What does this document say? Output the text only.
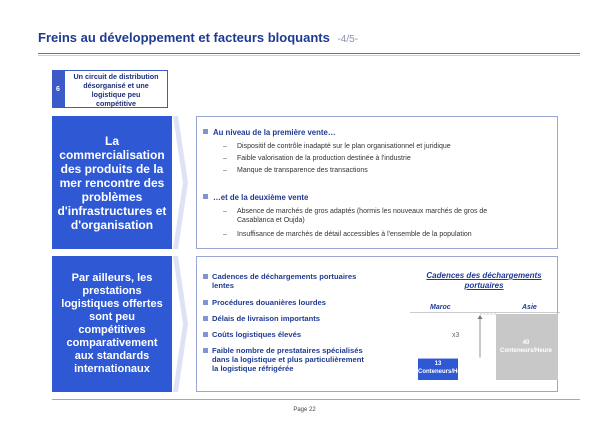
Freins au développement et facteurs bloquants -4/5-
6
Un circuit de distribution
désorganisé et une
logistique peu
compétitive
La
commercialisation
des produits de la
mer rencontre des
problèmes
d'infrastructures et
d'organisation
Au niveau de la première vente…
– Dispositif de contrôle inadapté sur le plan organisationnel et juridique
– Faible valorisation de la production destinée à l'industrie
– Manque de transparence des transactions
…et de la deuxième vente
– Absence de marchés de gros adaptés (hormis les nouveaux marchés de gros de
Casablanca et Oujda)
– Insuffisance de marchés de détail accessibles à l'ensemble de la population
Par ailleurs, les
prestations
logistiques offertes
sont peu
compétitives
comparativement
aux standards
internationaux
Cadences de déchargements portuaires
lentes
Procédures douanières lourdes
Délais de livraison importants
Coûts logistiques élevés
Faible nombre de prestataires spécialisés
dans la logistique et plus particulièrement
la logistique réfrigérée
Cadences des déchargements
portuaires
Maroc	Asie
x3
13
Conteneurs/Heure
40
Conteneurs/Heure
Page 22
